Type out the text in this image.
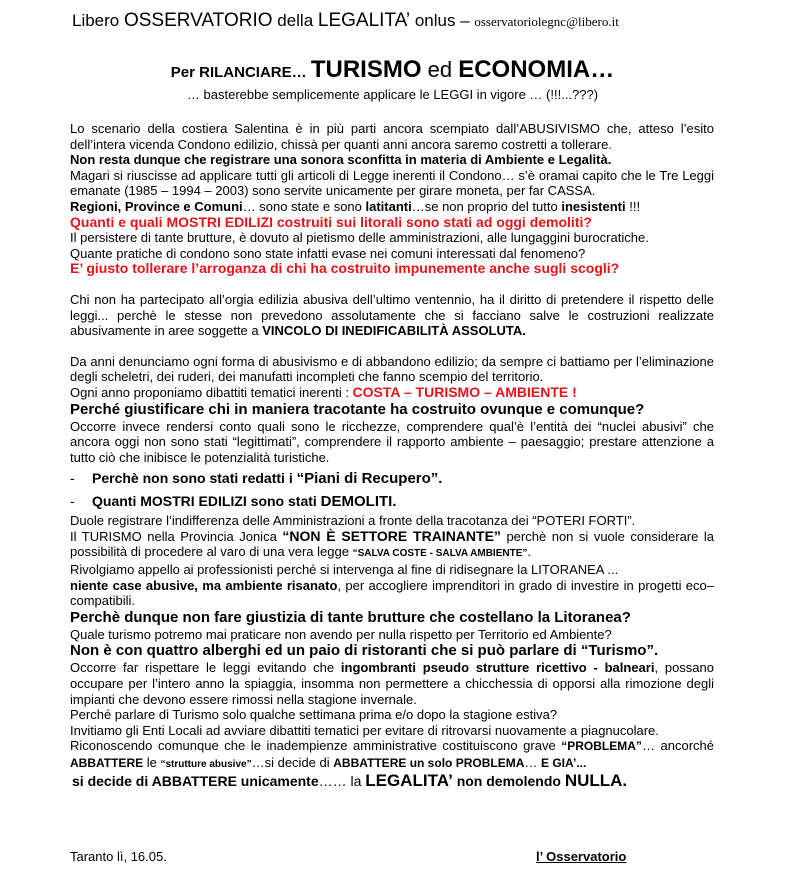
Libero OSSERVATORIO della LEGALITA’ onlus – osservatoriolegnc@libero.it
Per RILANCIARE… TURISMO ed ECONOMIA…
… basterebbe semplicemente applicare le LEGGI in vigore … (!!!...???)

Lo scenario della costiera Salentina è in più parti ancora scempiato dall’ABUSIVISMO che, atteso l’esito dell’intera vicenda Condono edilizio, chissà per quanti anni ancora saremo costretti a tollerare.

Non resta dunque che registrare una sonora sconfitta in materia di Ambiente e Legalità.

Magari si riuscisse ad applicare tutti gli articoli di Legge inerenti il Condono… s’è oramai capito che le Tre Leggi emanate (1985 – 1994 – 2003) sono servite unicamente per girare moneta, per far CASSA.

Regioni, Province e Comuni… sono state e sono latitanti…se non proprio del tutto inesistenti !!!

Quanti e quali MOSTRI EDILIZI costruiti sui litorali sono stati ad oggi demoliti?

Il persistere di tante brutture, è dovuto al pietismo delle amministrazioni, alle lungaggini burocratiche.

Quante pratiche di condono sono state infatti evase nei comuni interessati dal fenomeno?

E’ giusto tollerare l’arroganza di chi ha costruito impunemente anche sugli scogli?

Chi non ha partecipato all’orgia edilizia abusiva dell’ultimo ventennio, ha il diritto di pretendere il rispetto delle leggi... perchè le stesse non prevedono assolutamente che si facciano salve le costruzioni realizzate abusivamente in aree soggette a VINCOLO DI INEDIFICABILITÀ ASSOLUTA.

Da anni denunciamo ogni forma di abusivismo e di abbandono edilizio; da sempre ci battiamo per l’eliminazione degli scheletri, dei ruderi, dei manufatti incompleti che fanno scempio del territorio.

Ogni anno proponiamo dibattiti tematici inerenti : COSTA – TURISMO – AMBIENTE !

Perché giustificare chi in maniera tracotante ha costruito ovunque e comunque?

Occorre invece rendersi conto quali sono le ricchezze, comprendere qual’è l’entità dei “nuclei abusivi” che ancora oggi non sono stati “legittimati”, comprendere il rapporto ambiente – paesaggio; prestare attenzione a tutto ciò che inibisce le potenzialità turistiche.

- Perchè non sono stati redatti i “Piani di Recupero”.
- Quanti MOSTRI EDILIZI sono stati DEMOLITI.

Duole registrare l’indifferenza delle Amministrazioni a fronte della tracotanza dei “POTERI FORTI”.

Il TURISMO nella Provincia Jonica “NON È SETTORE TRAINANTE” perchè non si vuole considerare la possibilità di procedere al varo di una vera legge “SALVA COSTE - SALVA AMBIENTE”.

Rivolgiamo appello ai professionisti perché si intervenga al fine di ridisegnare la LITORANEA ...

niente case abusive, ma ambiente risanato, per accogliere imprenditori in grado di investire in progetti eco–compatibili.

Perchè dunque non fare giustizia di tante brutture che costellano la Litoranea?

Quale turismo potremo mai praticare non avendo per nulla rispetto per Territorio ed Ambiente?

Non è con quattro alberghi ed un paio di ristoranti che si può parlare di “Turismo”.

Occorre far rispettare le leggi evitando che ingombranti pseudo strutture ricettivo - balneari, possano occupare per l’intero anno la spiaggia, insomma non permettere a chicchessia di opporsi alla rimozione degli impianti che devono essere rimossi nella stagione invernale.

Perché parlare di Turismo solo qualche settimana prima e/o dopo la stagione estiva?

Invitiamo gli Enti Locali ad avviare dibattiti tematici per evitare di ritrovarsi nuovamente a piagnucolare.

Riconoscendo comunque che le inadempienze amministrative costituiscono grave “PROBLEMA”… ancorché ABBATTERE le “strutture abusive”…si decide di ABBATTERE un solo PROBLEMA… E GIA’...

si decide di ABBATTERE unicamente…… la LEGALITA’ non demolendo NULLA.

Taranto lì, 16.05.	l’ Osservatorio
